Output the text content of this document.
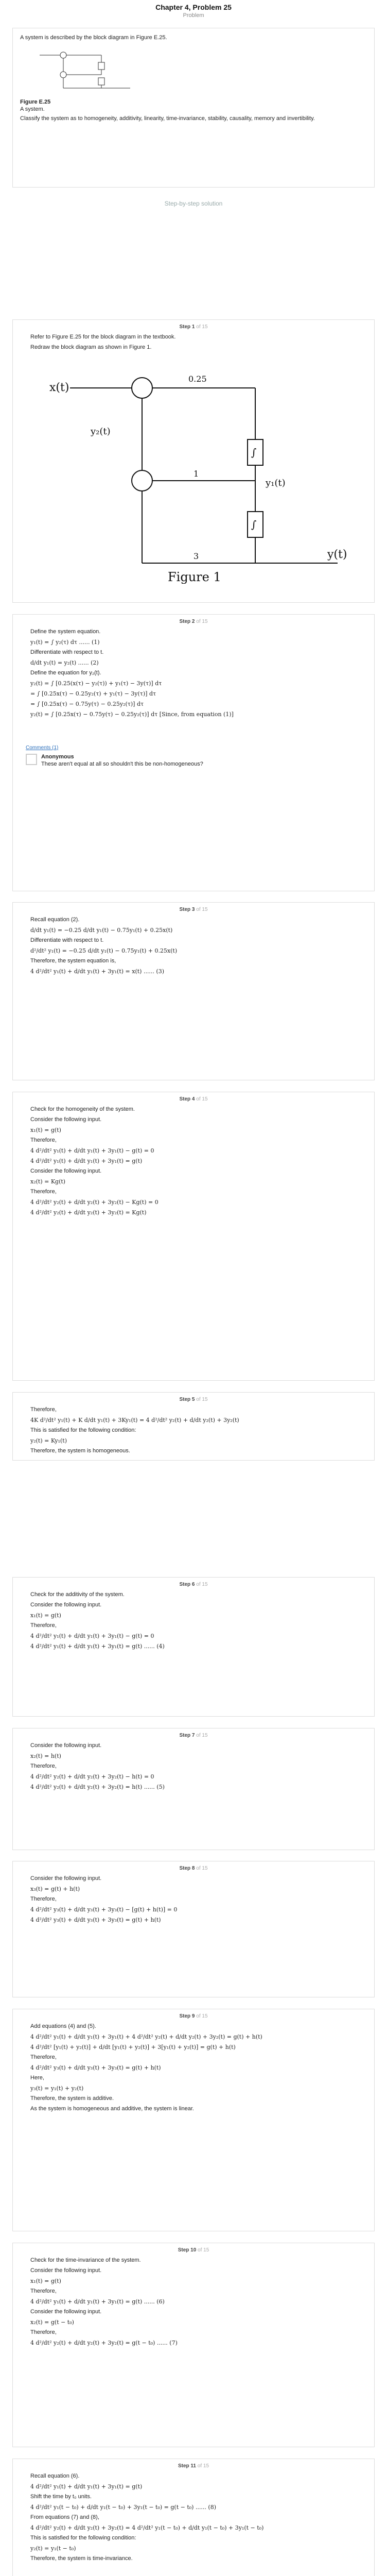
Chapter 4, Problem 25
Problem

A system is described by the block diagram in Figure E.25.

Figure E.25

A system.

Classify the system as to homogeneity, additivity, linearity, time-invariance, stability, causality, memory and invertibility.

Step-by-step solution
Step 1 of 15

Refer to Figure E.25 for the block diagram in the textbook.

Redraw the block diagram as shown in Figure 1.

x(t)
y(t)
y₂(t)
y₁(t)
0.25
1
3
∫
∫
Figure 1
Step 2 of 15

Define the system equation.

y₁(t) = ∫ y₂(τ) dτ ...... (1)

Differentiate with respect to t.

d/dt y₁(t) = y₂(t) ...... (2)

Define the equation for y₂(t).

y₂(t) = ∫ [0.25(x(τ) − y₂(τ)) + y₁(τ) − 3y(τ)] dτ

= ∫ [0.25x(τ) − 0.25y₂(τ) + y₁(τ) − 3y(τ)] dτ

= ∫ [0.25x(τ) − 0.75y(τ) − 0.25y₂(τ)] dτ

y₂(t) = ∫ [0.25x(τ) − 0.75y(τ) − 0.25y₂(τ)] dτ [Since, from equation (1)]

Step 3 of 15

Recall equation (2).

d/dt y₁(t) = −0.25 d/dt y₁(t) − 0.75y₁(t) + 0.25x(t)

Differentiate with respect to t.

d²/dt² y₁(t) = −0.25 d/dt y₁(t) − 0.75y₁(t) + 0.25x(t)

Therefore, the system equation is,

4 d²/dt² y₁(t) + d/dt y₁(t) + 3y₁(t) = x(t) ...... (3)

Step 4 of 15

Check for the homogeneity of the system.

Consider the following input.

x₁(t) = g(t)

Therefore,

4 d²/dt² y₁(t) + d/dt y₁(t) + 3y₁(t) − g(t) = 0

4 d²/dt² y₁(t) + d/dt y₁(t) + 3y₁(t) = g(t)

Consider the following input.

x₂(t) = Kg(t)

Therefore,

4 d²/dt² y₂(t) + d/dt y₂(t) + 3y₂(t) − Kg(t) = 0

4 d²/dt² y₂(t) + d/dt y₂(t) + 3y₂(t) = Kg(t)

Step 5 of 15

Therefore,

4K d²/dt² y₁(t) + K d/dt y₁(t) + 3Ky₁(t) = 4 d²/dt² y₂(t) + d/dt y₂(t) + 3y₂(t)

This is satisfied for the following condition:

y₂(t) = Ky₁(t)

Therefore, the system is homogeneous.

Step 6 of 15

Check for the additivity of the system.

Consider the following input.

x₁(t) = g(t)

Therefore,

4 d²/dt² y₁(t) + d/dt y₁(t) + 3y₁(t) − g(t) = 0

4 d²/dt² y₁(t) + d/dt y₁(t) + 3y₁(t) = g(t) ...... (4)

Step 7 of 15

Consider the following input.

x₂(t) = h(t)

Therefore,

4 d²/dt² y₂(t) + d/dt y₂(t) + 3y₂(t) − h(t) = 0

4 d²/dt² y₂(t) + d/dt y₂(t) + 3y₂(t) = h(t) ...... (5)

Step 8 of 15

Consider the following input.

x₃(t) = g(t) + h(t)

Therefore,

4 d²/dt² y₃(t) + d/dt y₃(t) + 3y₃(t) − [g(t) + h(t)] = 0

4 d²/dt² y₃(t) + d/dt y₃(t) + 3y₃(t) = g(t) + h(t)

Step 9 of 15

Add equations (4) and (5).

4 d²/dt² y₁(t) + d/dt y₁(t) + 3y₁(t) + 4 d²/dt² y₂(t) + d/dt y₂(t) + 3y₂(t) = g(t) + h(t)

4 d²/dt² [y₁(t) + y₂(t)] + d/dt [y₁(t) + y₂(t)] + 3[y₁(t) + y₂(t)] = g(t) + h(t)

Therefore,

4 d²/dt² y₃(t) + d/dt y₃(t) + 3y₃(t) = g(t) + h(t)

Here,

y₃(t) = y₁(t) + y₂(t)

Therefore, the system is additive.

As the system is homogeneous and additive, the system is linear.

Step 10 of 15

Check for the time-invariance of the system.

Consider the following input.

x₁(t) = g(t)

Therefore,

4 d²/dt² y₁(t) + d/dt y₁(t) + 3y₁(t) = g(t) ...... (6)

Consider the following input.

x₂(t) = g(t − t₀)

Therefore,

4 d²/dt² y₂(t) + d/dt y₂(t) + 3y₂(t) = g(t − t₀) ...... (7)

Step 11 of 15

Recall equation (6).

4 d²/dt² y₁(t) + d/dt y₁(t) + 3y₁(t) = g(t)

Shift the time by t₀ units.

4 d²/dt² y₁(t − t₀) + d/dt y₁(t − t₀) + 3y₁(t − t₀) = g(t − t₀) ...... (8)

From equations (7) and (8),

4 d²/dt² y₂(t) + d/dt y₂(t) + 3y₂(t) = 4 d²/dt² y₁(t − t₀) + d/dt y₁(t − t₀) + 3y₁(t − t₀)

This is satisfied for the following condition:

y₂(t) = y₁(t − t₀)

Therefore, the system is time-invariance.

Comments (1)
Anonymous
These aren't equal at all so shouldn't this be non-homogeneous?
